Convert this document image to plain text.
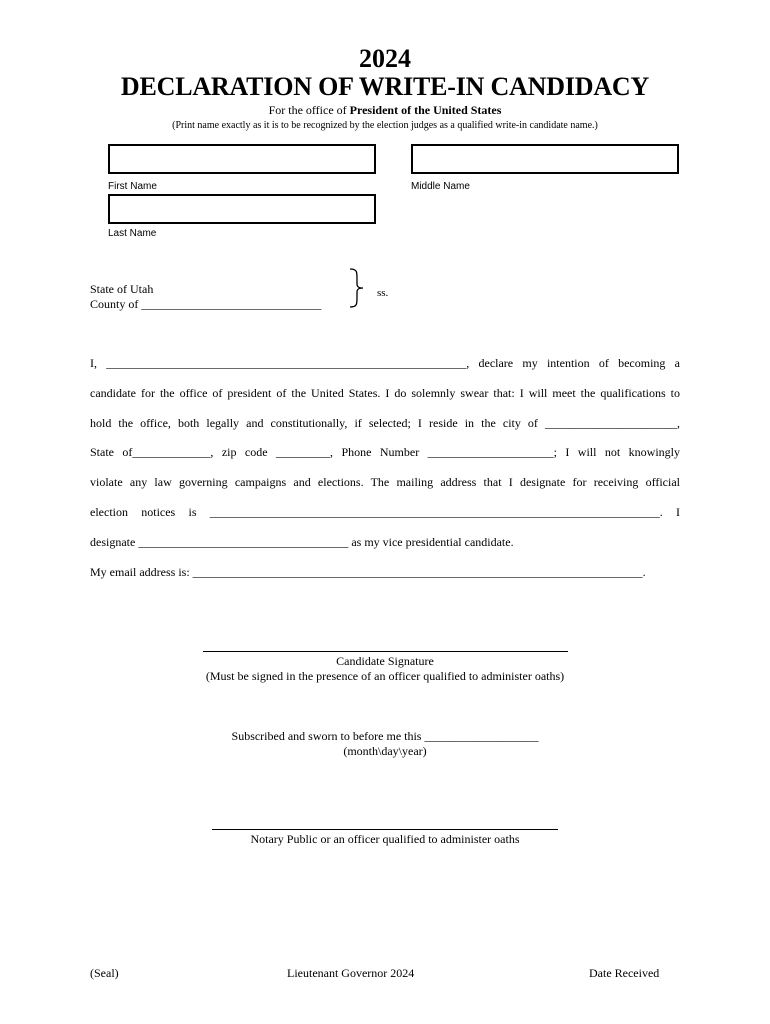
2024
DECLARATION OF WRITE-IN CANDIDACY
For the office of President of the United States
(Print name exactly as it is to be recognized by the election judges as a qualified write-in candidate name.)
First Name	Middle Name
Last Name
State of Utah
County of ______________________________
ss.
I, ____________________________________________________________, declare my intention of becoming a
candidate for the office of president of the United States. I do solemnly swear that: I will meet the qualifications to
hold the office, both legally and constitutionally, if selected; I reside in the city of ______________________,
State of_____________, zip code _________, Phone Number _____________________; I will not knowingly
violate any law governing campaigns and elections. The mailing address that I designate for receiving official
election notices is ___________________________________________________________________________. I
designate ___________________________________ as my vice presidential candidate.
My email address is: ___________________________________________________________________________.
Candidate Signature
(Must be signed in the presence of an officer qualified to administer oaths)
Subscribed and sworn to before me this ___________________
(month\day\year)
Notary Public or an officer qualified to administer oaths
(Seal)	Lieutenant Governor 2024	Date Received
